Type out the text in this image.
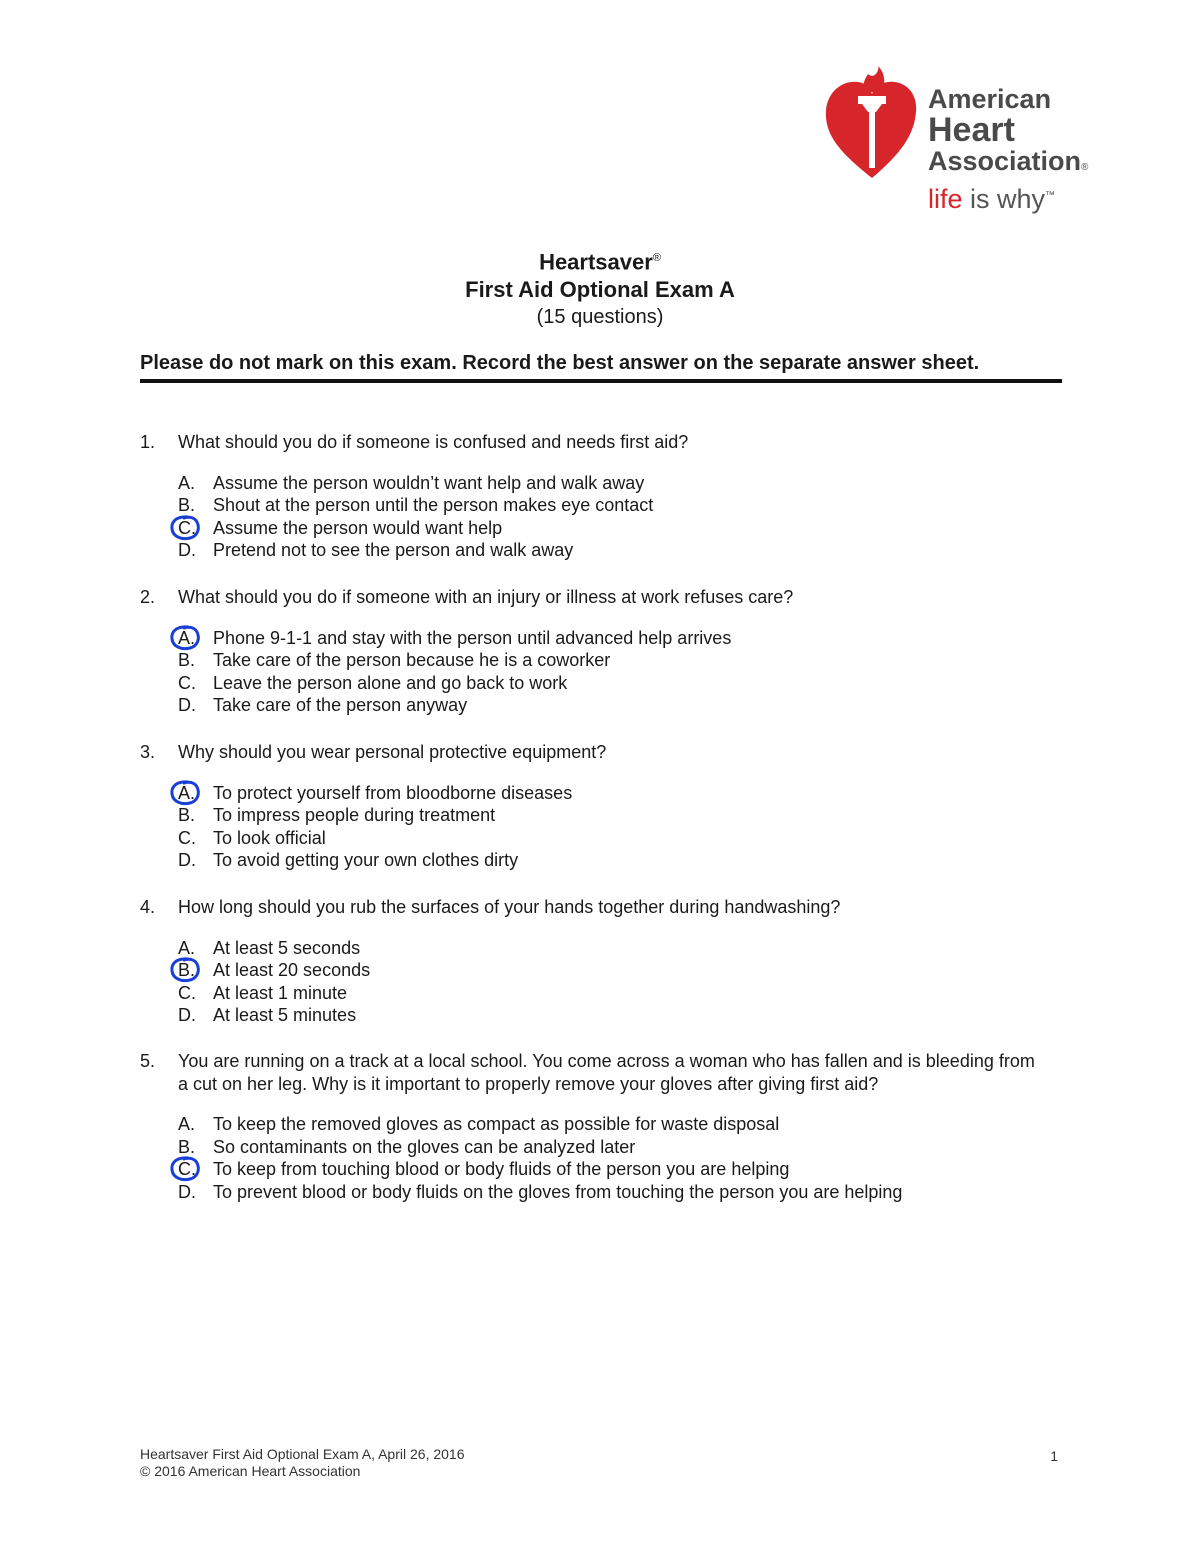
American
Heart
Association®
life is why™
Heartsaver®
First Aid Optional Exam A
(15 questions)
Please do not mark on this exam. Record the best answer on the separate answer sheet.
1. What should you do if someone is confused and needs first aid?
A. Assume the person wouldn’t want help and walk away
B. Shout at the person until the person makes eye contact
C. Assume the person would want help
D. Pretend not to see the person and walk away
2. What should you do if someone with an injury or illness at work refuses care?
A. Phone 9-1-1 and stay with the person until advanced help arrives
B. Take care of the person because he is a coworker
C. Leave the person alone and go back to work
D. Take care of the person anyway
3. Why should you wear personal protective equipment?
A. To protect yourself from bloodborne diseases
B. To impress people during treatment
C. To look official
D. To avoid getting your own clothes dirty
4. How long should you rub the surfaces of your hands together during handwashing?
A. At least 5 seconds
B. At least 20 seconds
C. At least 1 minute
D. At least 5 minutes
5. You are running on a track at a local school. You come across a woman who has fallen and is bleeding from a cut on her leg. Why is it important to properly remove your gloves after giving first aid?
A. To keep the removed gloves as compact as possible for waste disposal
B. So contaminants on the gloves can be analyzed later
C. To keep from touching blood or body fluids of the person you are helping
D. To prevent blood or body fluids on the gloves from touching the person you are helping
Heartsaver First Aid Optional Exam A, April 26, 2016
© 2016 American Heart Association
1
